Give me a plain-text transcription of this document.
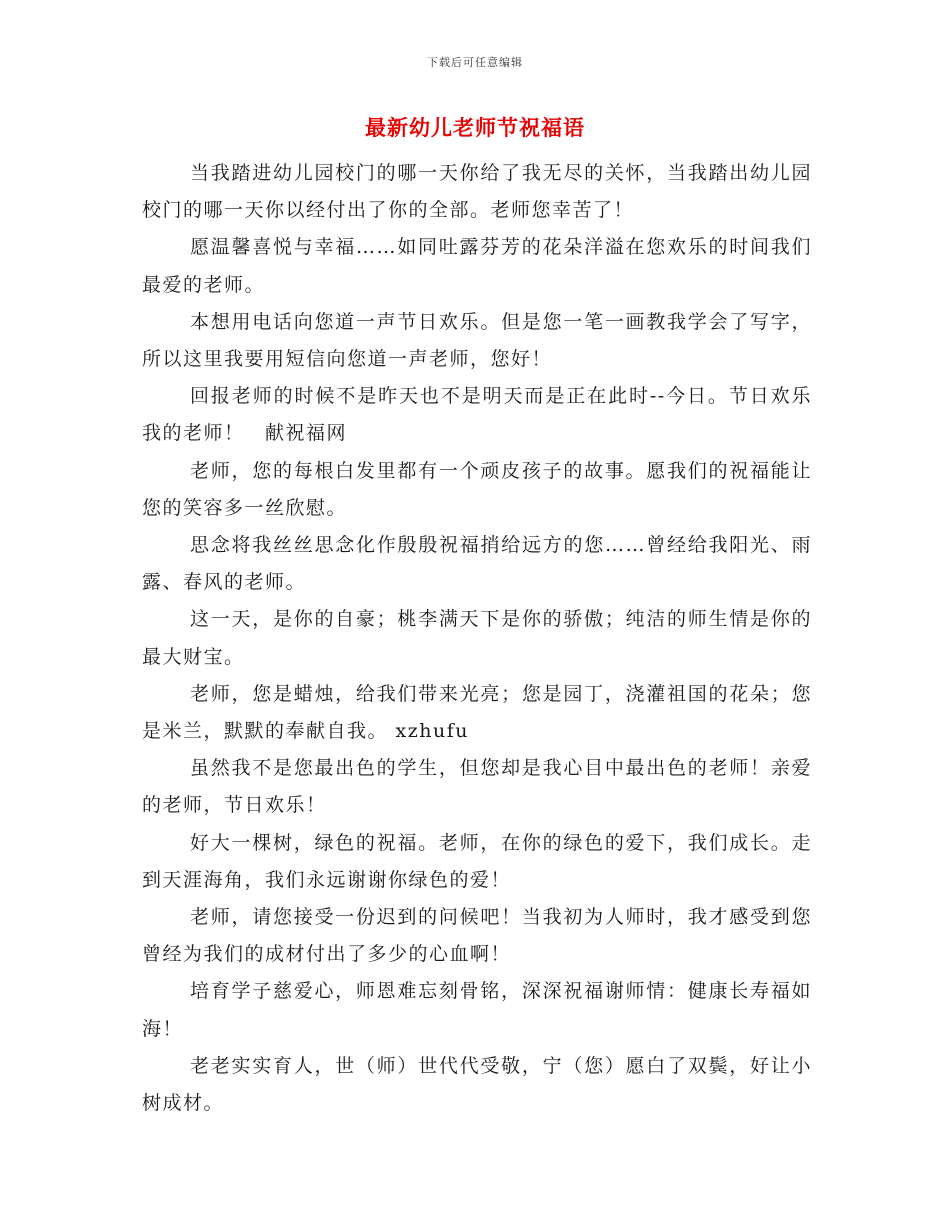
下载后可任意编辑
最新幼儿老师节祝福语

当我踏进幼儿园校门的哪一天你给了我无尽的关怀，当我踏出幼儿园校门的哪一天你以经付出了你的全部。老师您幸苦了！

愿温馨喜悦与幸福……如同吐露芬芳的花朵洋溢在您欢乐的时间我们最爱的老师。

本想用电话向您道一声节日欢乐。但是您一笔一画教我学会了写字，所以这里我要用短信向您道一声老师，您好！

回报老师的时候不是昨天也不是明天而是正在此时--今日。节日欢乐我的老师！　献祝福网

老师，您的每根白发里都有一个顽皮孩子的故事。愿我们的祝福能让您的笑容多一丝欣慰。

思念将我丝丝思念化作殷殷祝福捎给远方的您……曾经给我阳光、雨露、春风的老师。

这一天，是你的自豪；桃李满天下是你的骄傲；纯洁的师生情是你的最大财宝。

老师，您是蜡烛，给我们带来光亮；您是园丁，浇灌祖国的花朵；您是米兰，默默的奉献自我。 xzhufu

虽然我不是您最出色的学生，但您却是我心目中最出色的老师！亲爱的老师，节日欢乐！

好大一棵树，绿色的祝福。老师，在你的绿色的爱下，我们成长。走到天涯海角，我们永远谢谢你绿色的爱！

老师，请您接受一份迟到的问候吧！当我初为人师时，我才感受到您曾经为我们的成材付出了多少的心血啊！

培育学子慈爱心，师恩难忘刻骨铭，深深祝福谢师情：健康长寿福如海！

老老实实育人，世（师）世代代受敬，宁（您）愿白了双鬓，好让小树成材。
